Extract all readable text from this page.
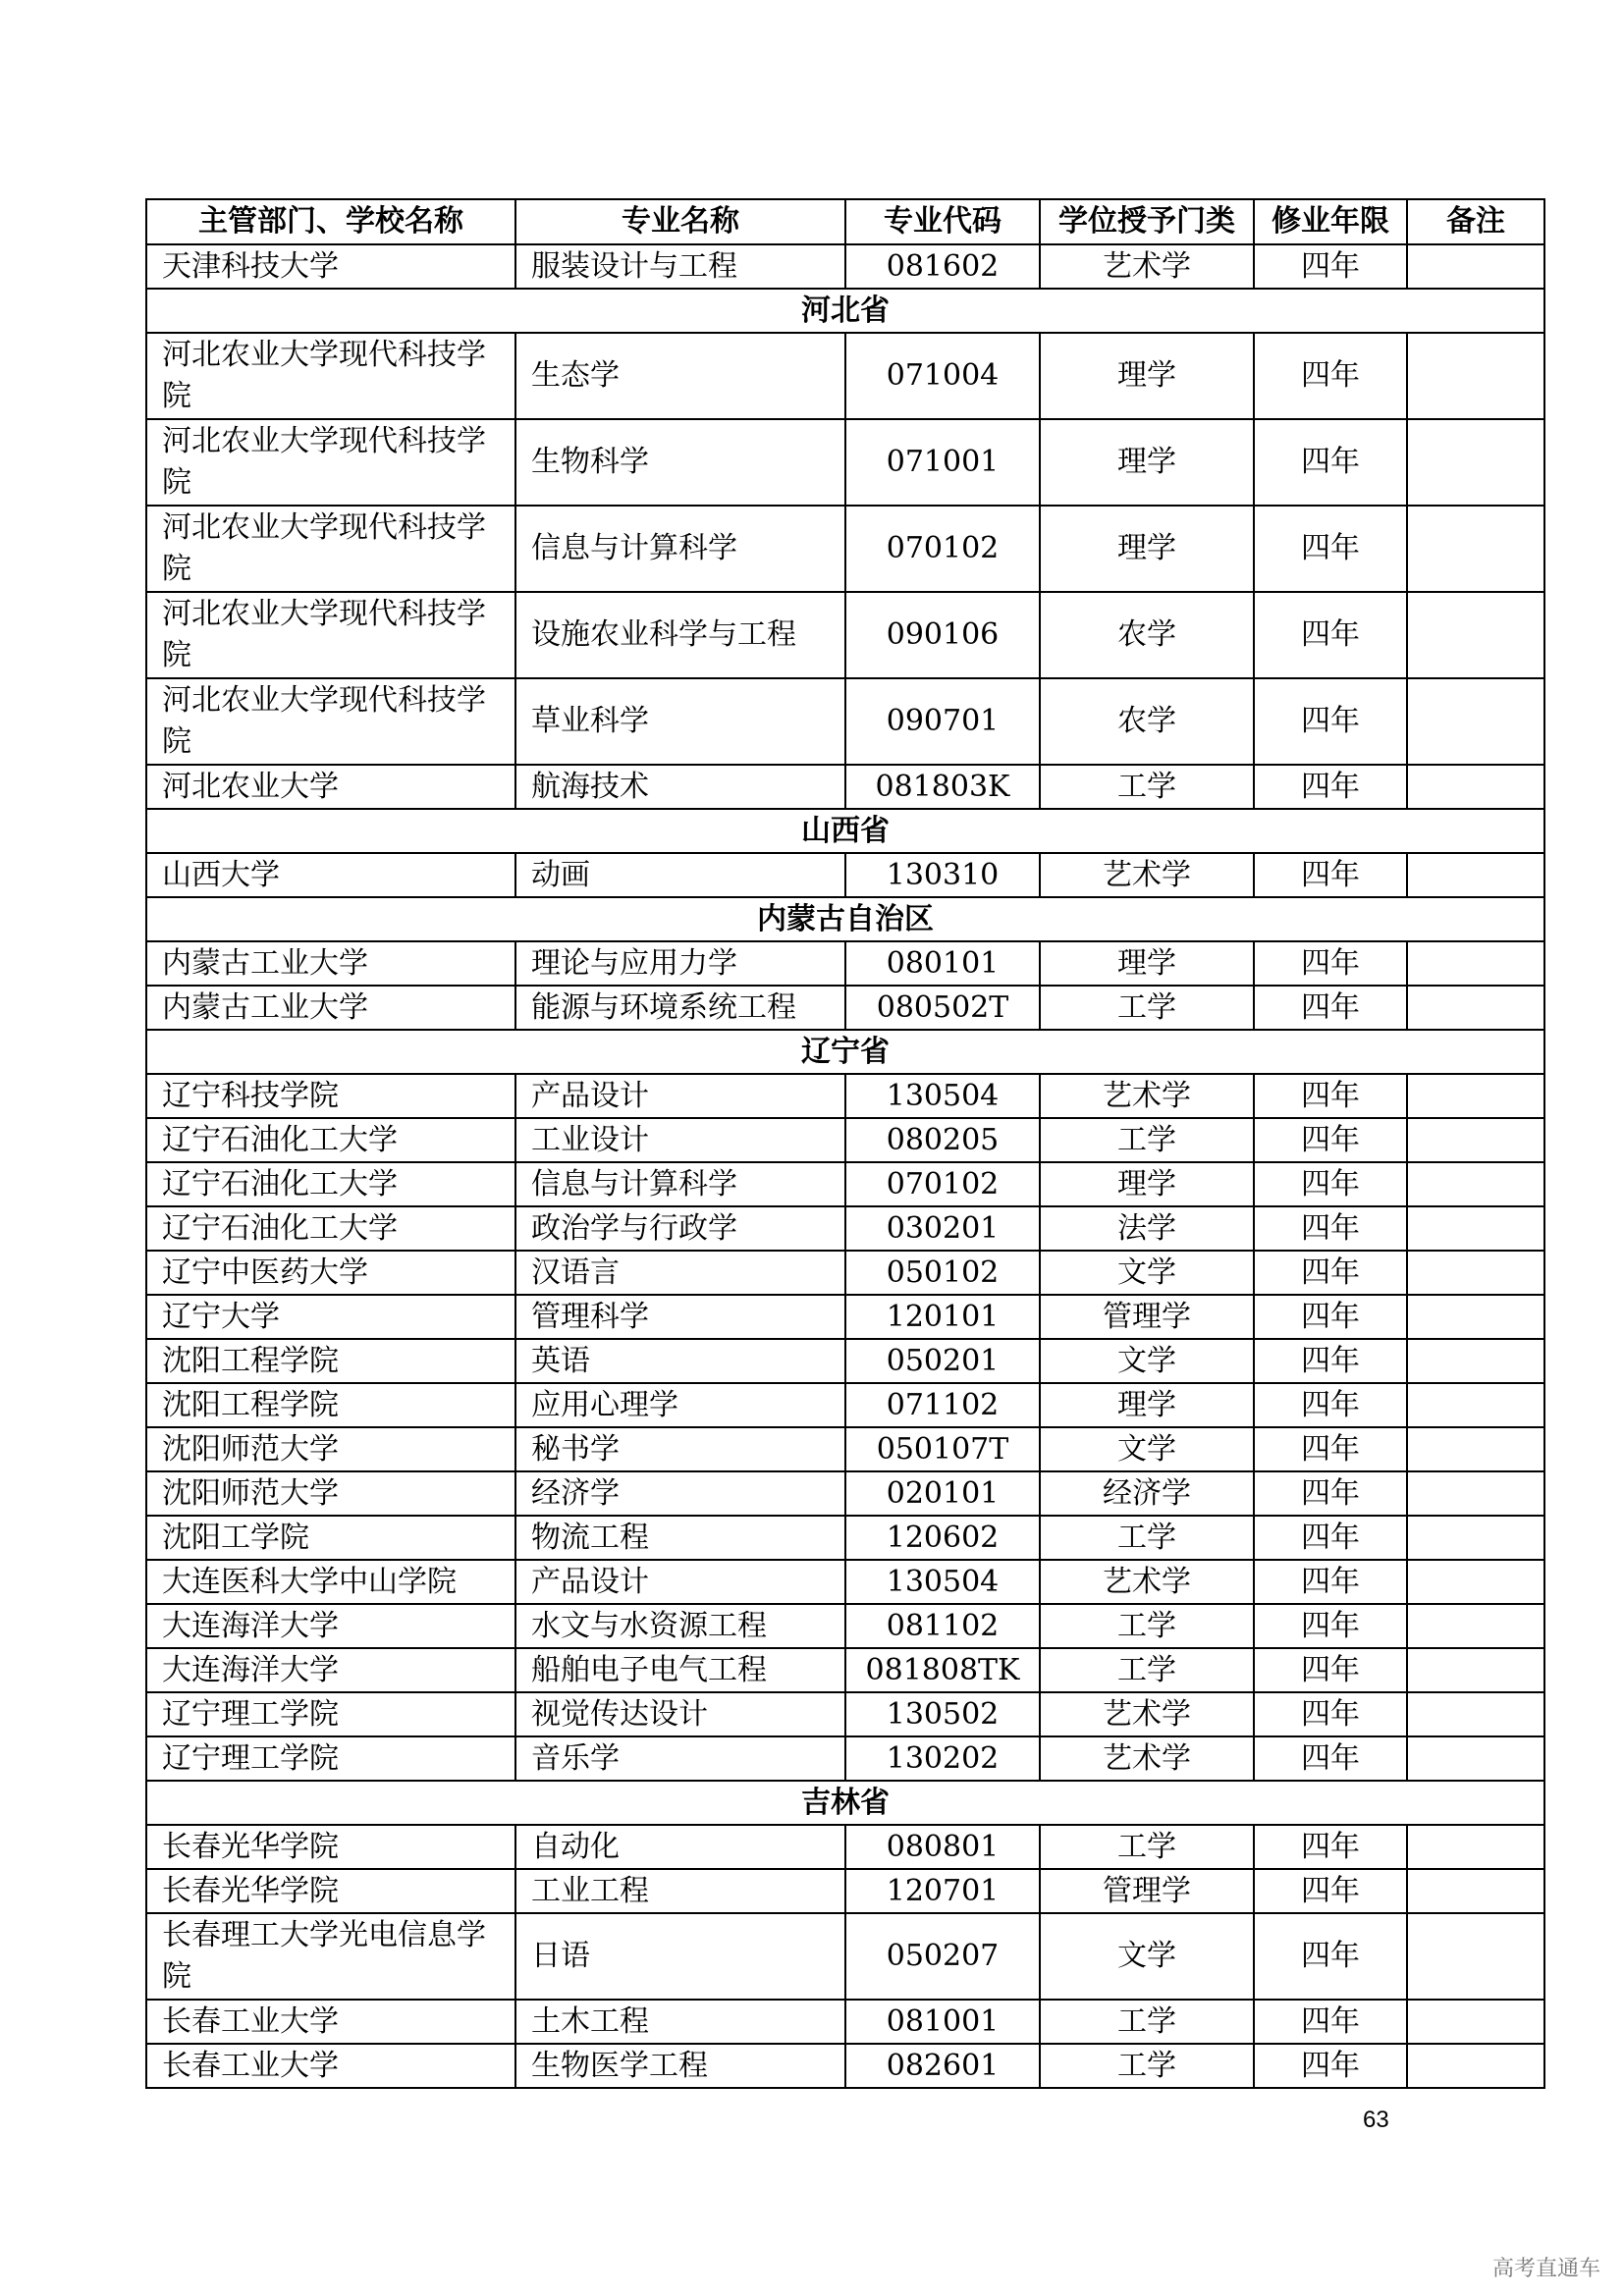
主管部门、学校名称	专业名称	专业代码	学位授予门类	修业年限	备注
天津科技大学	服装设计与工程	081602	艺术学	四年	
河北省					
河北农业大学现代科技学院	生态学	071004	理学	四年	
河北农业大学现代科技学院	生物科学	071001	理学	四年	
河北农业大学现代科技学院	信息与计算科学	070102	理学	四年	
河北农业大学现代科技学院	设施农业科学与工程	090106	农学	四年	
河北农业大学现代科技学院	草业科学	090701	农学	四年	
河北农业大学	航海技术	081803K	工学	四年	
山西省					
山西大学	动画	130310	艺术学	四年	
内蒙古自治区					
内蒙古工业大学	理论与应用力学	080101	理学	四年	
内蒙古工业大学	能源与环境系统工程	080502T	工学	四年	
辽宁省					
辽宁科技学院	产品设计	130504	艺术学	四年	
辽宁石油化工大学	工业设计	080205	工学	四年	
辽宁石油化工大学	信息与计算科学	070102	理学	四年	
辽宁石油化工大学	政治学与行政学	030201	法学	四年	
辽宁中医药大学	汉语言	050102	文学	四年	
辽宁大学	管理科学	120101	管理学	四年	
沈阳工程学院	英语	050201	文学	四年	
沈阳工程学院	应用心理学	071102	理学	四年	
沈阳师范大学	秘书学	050107T	文学	四年	
沈阳师范大学	经济学	020101	经济学	四年	
沈阳工学院	物流工程	120602	工学	四年	
大连医科大学中山学院	产品设计	130504	艺术学	四年	
大连海洋大学	水文与水资源工程	081102	工学	四年	
大连海洋大学	船舶电子电气工程	081808TK	工学	四年	
辽宁理工学院	视觉传达设计	130502	艺术学	四年	
辽宁理工学院	音乐学	130202	艺术学	四年	
吉林省					
长春光华学院	自动化	080801	工学	四年	
长春光华学院	工业工程	120701	管理学	四年	
长春理工大学光电信息学院	日语	050207	文学	四年	
长春工业大学	土木工程	081001	工学	四年	
长春工业大学	生物医学工程	082601	工学	四年	
63
高考直通车
